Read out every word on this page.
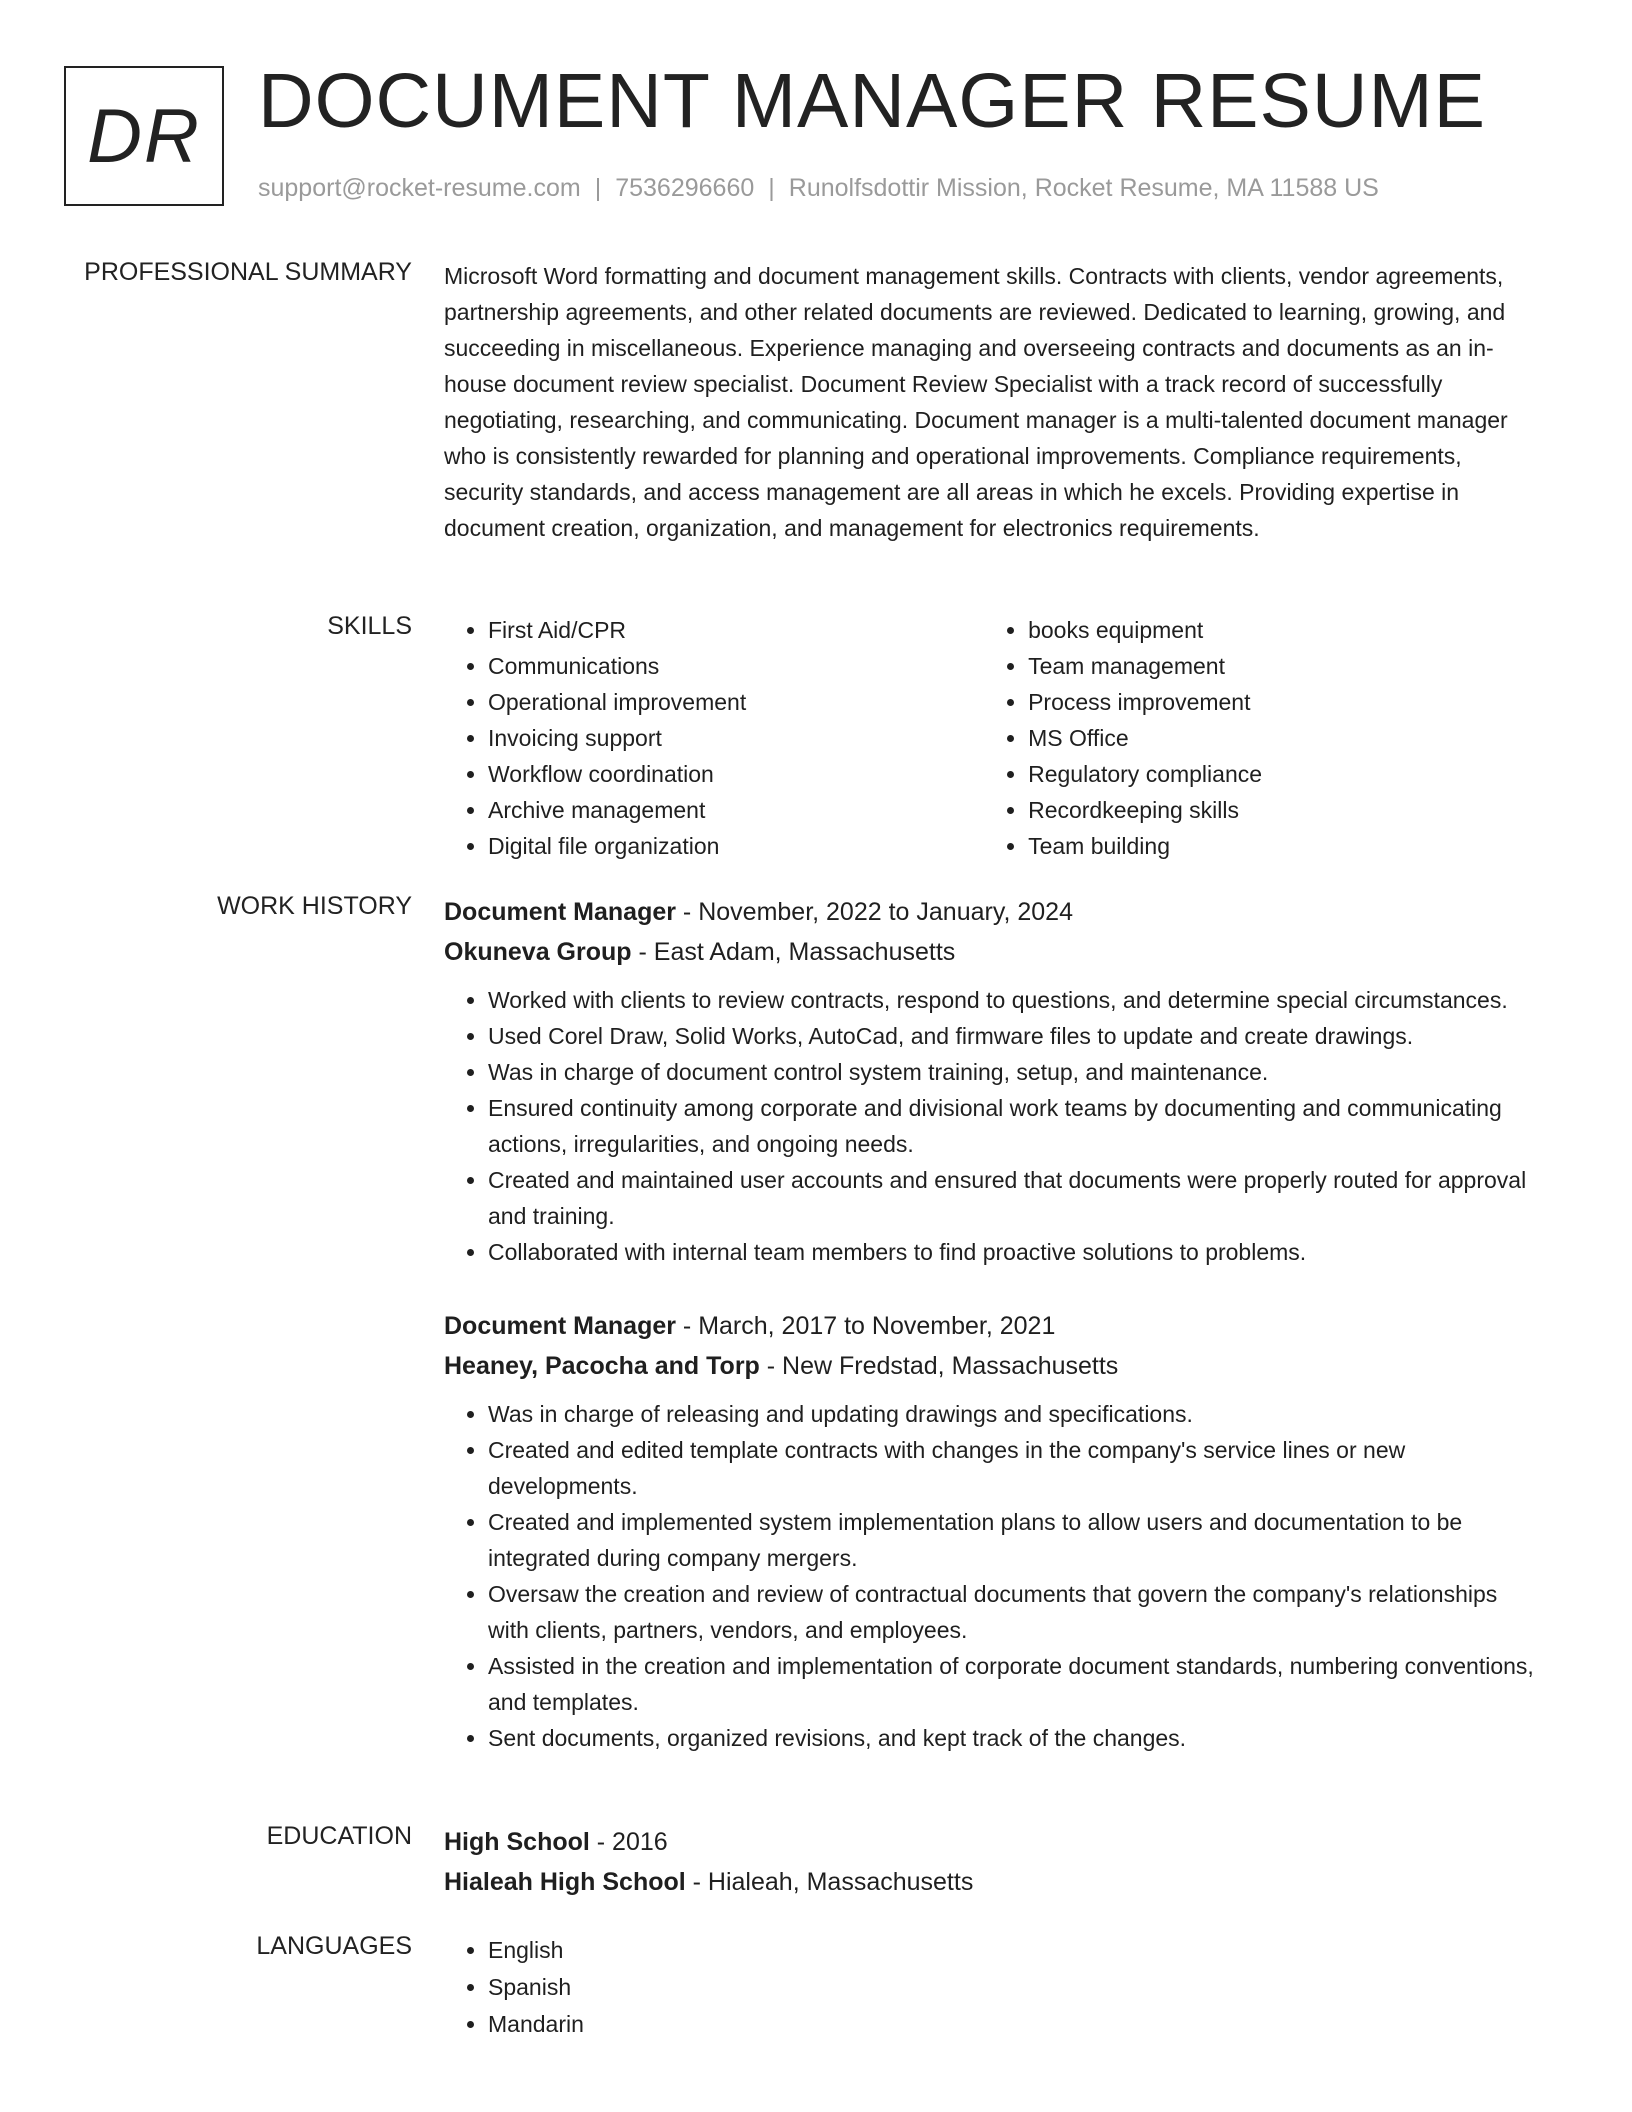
DR DOCUMENT MANAGER RESUME
support@rocket-resume.com | 7536296660 | Runolfsdottir Mission, Rocket Resume, MA 11588 US
PROFESSIONAL SUMMARY Microsoft Word formatting and document management skills. Contracts with clients, vendor agreements, partnership agreements, and other related documents are reviewed. Dedicated to learning, growing, and succeeding in miscellaneous. Experience managing and overseeing contracts and documents as an in-house document review specialist. Document Review Specialist with a track record of successfully negotiating, researching, and communicating. Document manager is a multi-talented document manager who is consistently rewarded for planning and operational improvements. Compliance requirements, security standards, and access management are all areas in which he excels. Providing expertise in document creation, organization, and management for electronics requirements.

SKILLS	• First Aid/CPR
• Communications
• Operational improvement
• Invoicing support
• Workflow coordination
• Archive management
• Digital file organization
• books equipment
• Team management
• Process improvement
• MS Office
• Regulatory compliance
• Recordkeeping skills
• Team building
WORK HISTORY Document Manager - November, 2022 to January, 2024
Okuneva Group - East Adam, Massachusetts
• Worked with clients to review contracts, respond to questions, and determine special circumstances.
• Used Corel Draw, Solid Works, AutoCad, and firmware files to update and create drawings.
• Was in charge of document control system training, setup, and maintenance.
• Ensured continuity among corporate and divisional work teams by documenting and communicating actions, irregularities, and ongoing needs.
• Created and maintained user accounts and ensured that documents were properly routed for approval and training.
• Collaborated with internal team members to find proactive solutions to problems.
Document Manager - March, 2017 to November, 2021
Heaney, Pacocha and Torp - New Fredstad, Massachusetts
• Was in charge of releasing and updating drawings and specifications.
• Created and edited template contracts with changes in the company's service lines or new developments.
• Created and implemented system implementation plans to allow users and documentation to be integrated during company mergers.
• Oversaw the creation and review of contractual documents that govern the company's relationships with clients, partners, vendors, and employees.
• Assisted in the creation and implementation of corporate document standards, numbering conventions, and templates.
• Sent documents, organized revisions, and kept track of the changes.
EDUCATION High School - 2016
Hialeah High School - Hialeah, Massachusetts
LANGUAGES	• English
• Spanish
• Mandarin
